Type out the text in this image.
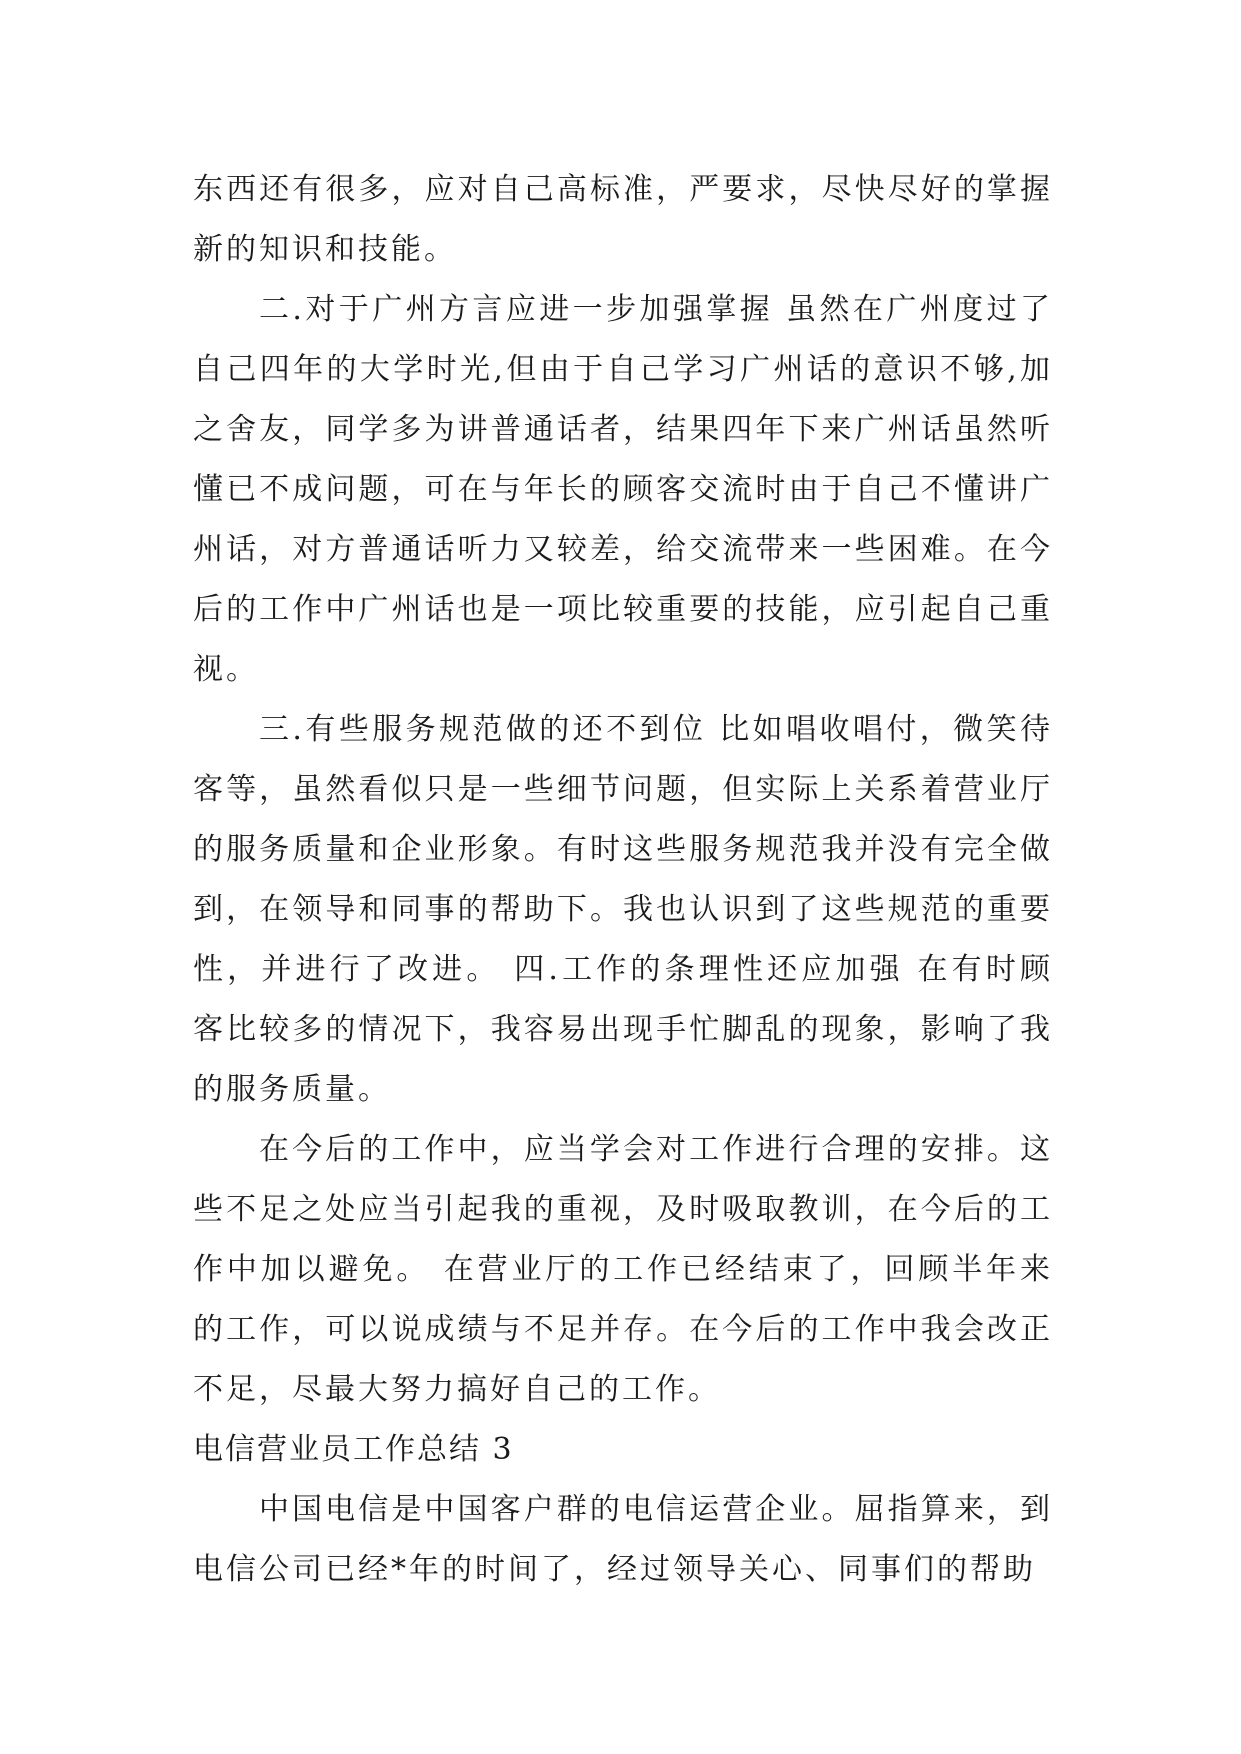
东西还有很多，应对自己高标准，严要求，尽快尽好的掌握新的知识和技能。

二.对于广州方言应进一步加强掌握 虽然在广州度过了自己四年的大学时光,但由于自己学习广州话的意识不够,加之舍友，同学多为讲普通话者，结果四年下来广州话虽然听懂已不成问题，可在与年长的顾客交流时由于自己不懂讲广州话，对方普通话听力又较差，给交流带来一些困难。在今后的工作中广州话也是一项比较重要的技能，应引起自己重视。

三.有些服务规范做的还不到位 比如唱收唱付，微笑待客等，虽然看似只是一些细节问题，但实际上关系着营业厅的服务质量和企业形象。有时这些服务规范我并没有完全做到，在领导和同事的帮助下。我也认识到了这些规范的重要性，并进行了改进。 四.工作的条理性还应加强 在有时顾客比较多的情况下，我容易出现手忙脚乱的现象，影响了我的服务质量。

在今后的工作中，应当学会对工作进行合理的安排。这些不足之处应当引起我的重视，及时吸取教训，在今后的工作中加以避免。 在营业厅的工作已经结束了，回顾半年来的工作，可以说成绩与不足并存。在今后的工作中我会改正不足，尽最大努力搞好自己的工作。

电信营业员工作总结 3

中国电信是中国客户群的电信运营企业。屈指算来，到电信公司已经*年的时间了，经过领导关心、同事们的帮助
